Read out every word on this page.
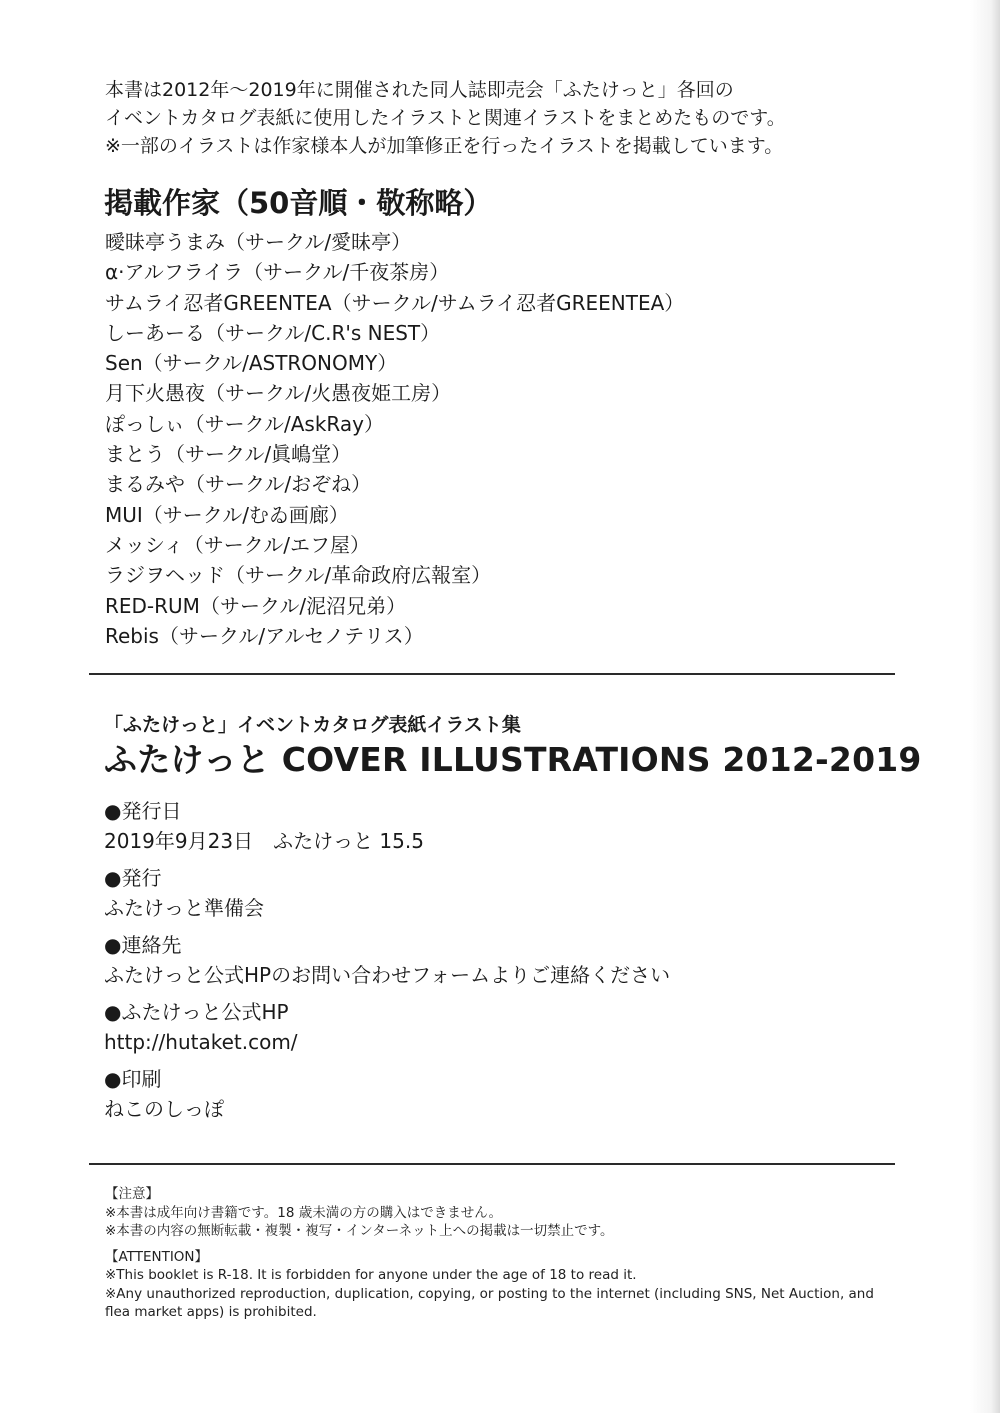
本書は2012年〜2019年に開催された同人誌即売会「ふたけっと」各回の
イベントカタログ表紙に使用したイラストと関連イラストをまとめたものです。
※一部のイラストは作家様本人が加筆修正を行ったイラストを掲載しています。
掲載作家（50音順・敬称略）
曖昧亭うまみ（サークル/愛昧亭）
α·アルフライラ（サークル/千夜茶房）
サムライ忍者GREENTEA（サークル/サムライ忍者GREENTEA）
しーあーる（サークル/C.R's NEST）
Sen（サークル/ASTRONOMY）
月下火愚夜（サークル/火愚夜姫工房）
ぽっしぃ（サークル/AskRay）
まとう（サークル/眞嶋堂）
まるみや（サークル/おぞね）
MUI（サークル/むゐ画廊）
メッシィ（サークル/エフ屋）
ラジヲヘッド（サークル/革命政府広報室）
RED-RUM（サークル/泥沼兄弟）
Rebis（サークル/アルセノテリス）
「ふたけっと」イベントカタログ表紙イラスト集
ふたけっと COVER ILLUSTRATIONS 2012-2019
●発行日
2019年9月23日　ふたけっと 15.5
●発行
ふたけっと準備会
●連絡先
ふたけっと公式HPのお問い合わせフォームよりご連絡ください
●ふたけっと公式HP
http://hutaket.com/
●印刷
ねこのしっぽ
【注意】
※本書は成年向け書籍です。18 歳未満の方の購入はできません。
※本書の内容の無断転載・複製・複写・インターネット上への掲載は一切禁止です。
【ATTENTION】
※This booklet is R-18. It is forbidden for anyone under the age of 18 to read it.
※Any unauthorized reproduction, duplication, copying, or posting to the internet (including SNS, Net Auction, and flea market apps) is prohibited.
